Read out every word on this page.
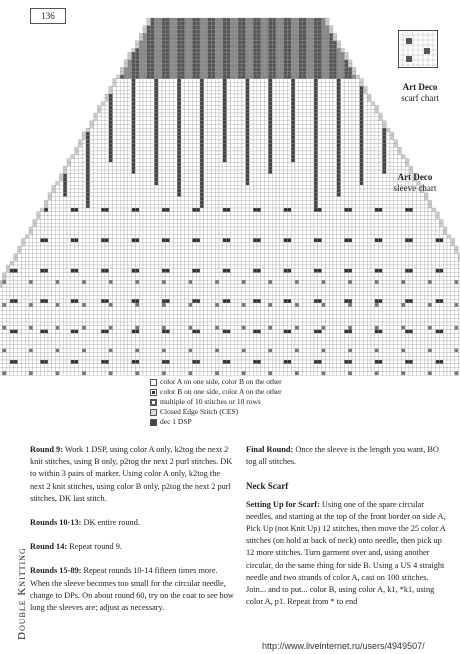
136
Art Deco
scarf chart
Art Deco
sleeve chart
color A on one side, color B on the other
color B on one side, color A on the other
multiple of 10 stitches or 10 rows
Closed Edge Stitch (CES)
dec 1 DSP
Double Knitting

Round 9: Work 1 DSP, using color A only, k2tog the next 2 knit stitches, using B only, p2tog the next 2 purl stitches. DK to within 3 pairs of marker. Using color A only, k2tog the next 2 knit stitches, using color B only, p2tog the next 2 purl stitches, DK last stitch.

Rounds 10-13: DK entire round.

Round 14: Repeat round 9.

Rounds 15-89: Repeat rounds 10-14 fifteen times more. When the sleeve becomes too small for the circular needle, change to DPs. On about round 60, try on the coat to see how long the sleeves are; adjust as necessary.

Final Round: Once the sleeve is the length you want, BO tog all stitches.

Neck Scarf

Setting Up for Scarf: Using one of the spare circular needles, and starting at the top of the front border on side A, Pick Up (not Knit Up) 12 stitches, then move the 25 color A stitches (on hold at back of neck) onto needle, then pick up 12 more stitches. Turn garment over and, using another circular, do the same thing for side B. Using a US 4 straight needle and two strands of color A, cast on 100 stitches. Join... and to put... color B, using color A, k1, *k1, using color A, p1. Repeat from * to end

http://www.liveinternet.ru/users/4949507/
